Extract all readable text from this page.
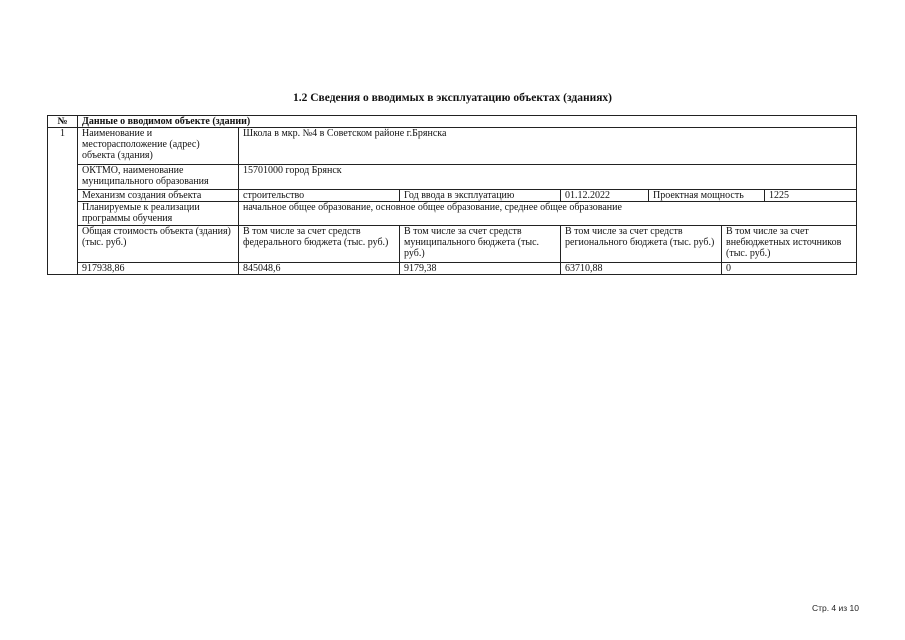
1.2 Сведения о вводимых в эксплуатацию объектах (зданиях)
№	Данные о вводимом объекте (здании)						
1	Наименование и месторасположение (адрес) объекта (здания)	Школа в мкр. №4 в Советском районе г.Брянска					
	ОКТМО, наименование муниципального образования	15701000 город Брянск					
	Механизм создания объекта	строительство	Год ввода в эксплуатацию	01.12.2022	Проектная мощность		1225
	Планируемые к реализации программы обучения	начальное общее образование, основное общее образование, среднее общее образование					
	Общая стоимость объекта (здания) (тыс. руб.)	В том числе за счет средств федерального бюджета (тыс. руб.)	В том числе за счет средств муниципального бюджета (тыс. руб.)	В том числе за счет средств регионального бюджета (тыс. руб.)		В том числе за счет внебюджетных источников (тыс. руб.)	
	917938,86	845048,6	9179,38	63710,88		0	
Стр. 4 из 10
